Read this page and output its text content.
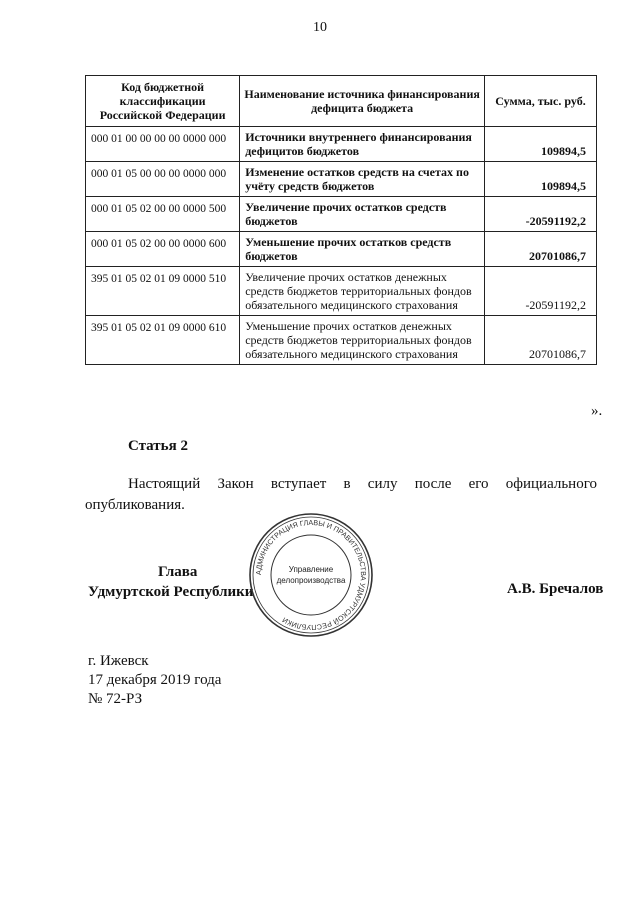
10
Код бюджетной классификации Российской Федерации	Наименование источника финансирования дефицита бюджета	Сумма, тыс. руб.
000 01 00 00 00 00 0000 000	Источники внутреннего финансирования дефицитов бюджетов	109894,5
000 01 05 00 00 00 0000 000	Изменение остатков средств на счетах по учёту средств бюджетов	109894,5
000 01 05 02 00 00 0000 500	Увеличение прочих остатков средств бюджетов	-20591192,2
000 01 05 02 00 00 0000 600	Уменьшение прочих остатков средств бюджетов	20701086,7
395 01 05 02 01 09 0000 510	Увеличение прочих остатков денежных средств бюджетов территориальных фондов обязательного медицинского страхования	-20591192,2
395 01 05 02 01 09 0000 610	Уменьшение прочих остатков денежных средств бюджетов территориальных фондов обязательного медицинского страхования	20701086,7
».
Статья 2
Настоящий Закон вступает в силу после его официального опубликования.
Глава
Удмуртской Республики
АДМИНИСТРАЦИЯ ГЛАВЫ И ПРАВИТЕЛЬСТВА УДМУРТСКОЙ РЕСПУБЛИКИ
Управление
делопроизводства
А.В. Бречалов
г. Ижевск
17 декабря 2019 года
№ 72-РЗ
